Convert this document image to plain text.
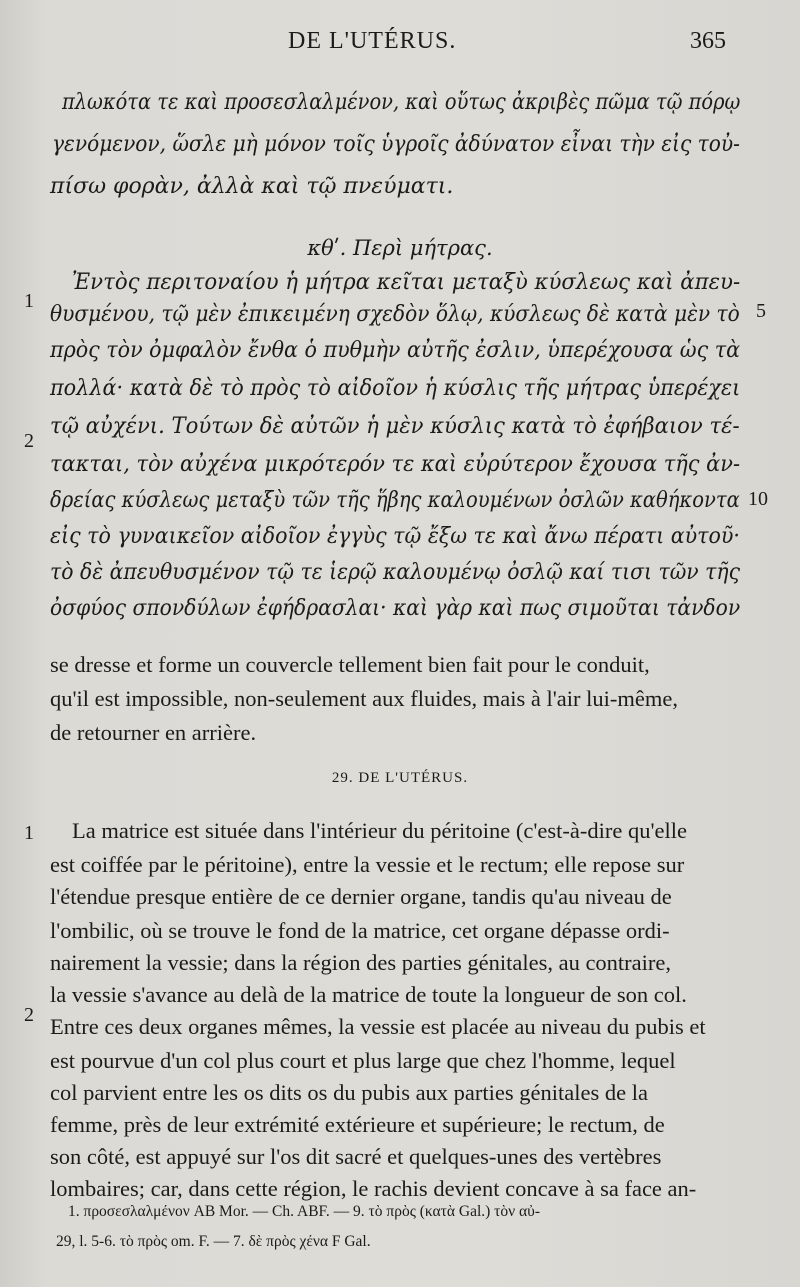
DE L'UTÉRUS.	365
πλωκότα τε καὶ προσεσλαλμένον, καὶ οὕτως ἀκριβὲς πῶμα τῷ πόρῳ
γενόμενον, ὥσλε μὴ μόνον τοῖς ὑγροῖς ἀδύνατον εἶναι τὴν εἰς τοὐ-
πίσω φορὰν, ἀλλὰ καὶ τῷ πνεύματι.
κθʹ. Περὶ μήτρας.
1	5
2
10
Ἐντὸς περιτοναίου ἡ μήτρα κεῖται μεταξὺ κύσλεως καὶ ἀπευ-
θυσμένου, τῷ μὲν ἐπικειμένη σχεδὸν ὅλῳ, κύσλεως δὲ κατὰ μὲν τὸ
πρὸς τὸν ὀμφαλὸν ἔνθα ὁ πυθμὴν αὐτῆς ἐσλιν, ὑπερέχουσα ὡς τὰ
πολλά· κατὰ δὲ τὸ πρὸς τὸ αἰδοῖον ἡ κύσλις τῆς μήτρας ὑπερέχει
τῷ αὐχένι. Τούτων δὲ αὐτῶν ἡ μὲν κύσλις κατὰ τὸ ἐφήβαιον τέ-
τακται, τὸν αὐχένα μικρότερόν τε καὶ εὐρύτερον ἔχουσα τῆς ἀν-
δρείας κύσλεως μεταξὺ τῶν τῆς ἥβης καλουμένων ὀσλῶν καθήκοντα
εἰς τὸ γυναικεῖον αἰδοῖον ἐγγὺς τῷ ἔξω τε καὶ ἄνω πέρατι αὐτοῦ·
τὸ δὲ ἀπευθυσμένον τῷ τε ἱερῷ καλουμένῳ ὀσλῷ καί τισι τῶν τῆς
ὀσφύος σπονδύλων ἐφήδρασλαι· καὶ γὰρ καὶ πως σιμοῦται τἀνδον
se dresse et forme un couvercle tellement bien fait pour le conduit,
qu'il est impossible, non-seulement aux fluides, mais à l'air lui-même,
de retourner en arrière.
29. DE L'UTÉRUS.
1
2
La matrice est située dans l'intérieur du péritoine (c'est-à-dire qu'elle
est coiffée par le péritoine), entre la vessie et le rectum; elle repose sur
l'étendue presque entière de ce dernier organe, tandis qu'au niveau de
l'ombilic, où se trouve le fond de la matrice, cet organe dépasse ordi-
nairement la vessie; dans la région des parties génitales, au contraire,
la vessie s'avance au delà de la matrice de toute la longueur de son col.
Entre ces deux organes mêmes, la vessie est placée au niveau du pubis et
est pourvue d'un col plus court et plus large que chez l'homme, lequel
col parvient entre les os dits os du pubis aux parties génitales de la
femme, près de leur extrémité extérieure et supérieure; le rectum, de
son côté, est appuyé sur l'os dit sacré et quelques-unes des vertèbres
lombaires; car, dans cette région, le rachis devient concave à sa face an-
1. προσεσλαλμένον AB Mor. — Ch. ABF. — 9. τὸ πρὸς (κατὰ Gal.) τὸν αὐ-
29, l. 5-6. τὸ πρὸς om. F. — 7. δὲ πρὸς χένα F Gal.
